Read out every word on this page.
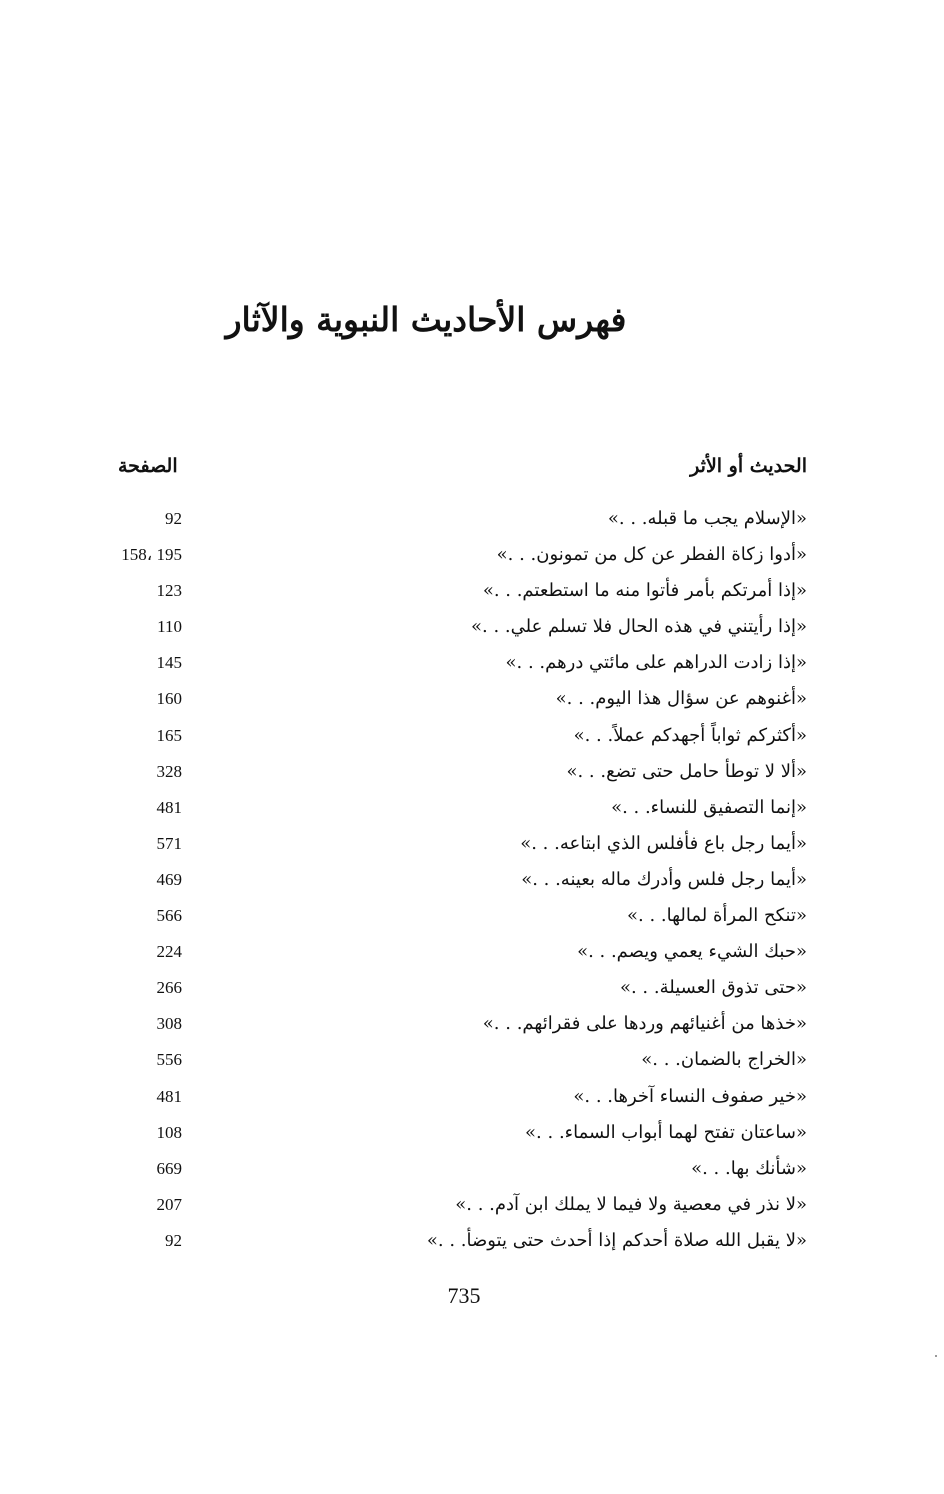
فهرس الأحاديث النبوية والآثار
الحديث أو الأثر
الصفحة
«الإسلام يجب ما قبله. . .»
92
«أدوا زكاة الفطر عن كل من تمونون. . .»
158، 195
«إذا أمرتكم بأمر فأتوا منه ما استطعتم. . .»
123
«إذا رأيتني في هذه الحال فلا تسلم علي. . .»
110
«إذا زادت الدراهم على مائتي درهم. . .»
145
«أغنوهم عن سؤال هذا اليوم. . .»
160
«أكثركم ثواباً أجهدكم عملاً. . .»
165
«ألا لا توطأ حامل حتى تضع. . .»
328
«إنما التصفيق للنساء. . .»
481
«أيما رجل باع فأفلس الذي ابتاعه. . .»
571
«أيما رجل فلس وأدرك ماله بعينه. . .»
469
«تنكح المرأة لمالها. . .»
566
«حبك الشيء يعمي ويصم. . .»
224
«حتى تذوق العسيلة. . .»
266
«خذها من أغنيائهم وردها على فقرائهم. . .»
308
«الخراج بالضمان. . .»
556
«خير صفوف النساء آخرها. . .»
481
«ساعتان تفتح لهما أبواب السماء. . .»
108
«شأنك بها. . .»
669
«لا نذر في معصية ولا فيما لا يملك ابن آدم. . .»
207
«لا يقبل الله صلاة أحدكم إذا أحدث حتى يتوضأ. . .»
92
735
